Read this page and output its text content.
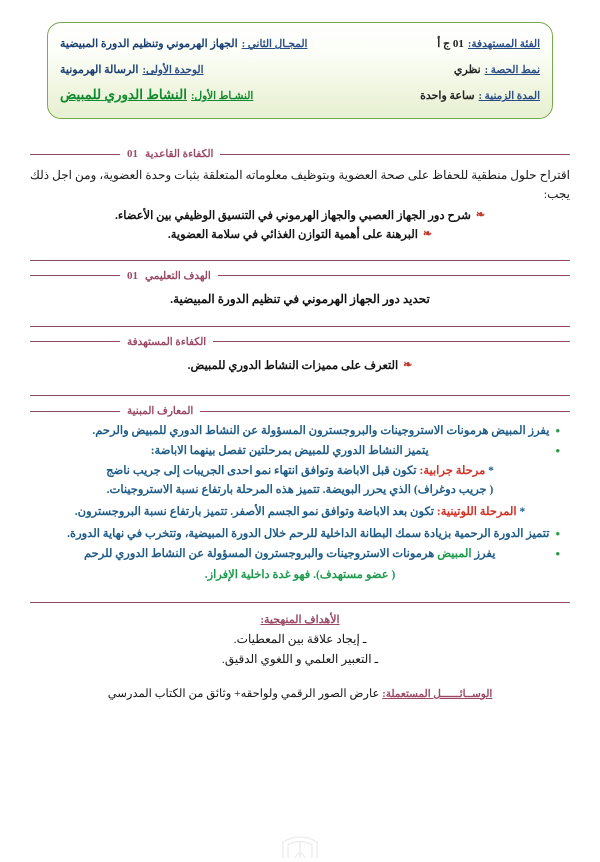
المجـال الثاني : الجهاز الهرموني وتنظيم الدورة المبيضية	الفئة المستهدفة: 01 ج أ
الوحدة الأولى: الرسالة الهرمونية	نمط الحصة : نظري
النشـاط الأول: النشاط الدوري للمبيض	المدة الزمنية : ساعة واحدة
الكفاءة القاعدية
01
اقتراح حلول منطقية للحفاظ على صحة العضوية وبتوظيف معلوماته المتعلقة بثبات وحدة العضوية، ومن اجل ذلك يجب:
❧
شرح دور الجهاز العصبي والجهاز الهرموني في التنسيق الوظيفي بين الأعضاء.
❧
البرهنة على أهمية التوازن الغذائي في سلامة العضوية.
الهدف التعليمي
01
تحديد دور الجهاز الهرموني في تنظيم الدورة المبيضية.
الكفاءة المستهدفة
❧
التعرف على مميزات النشاط الدوري للمبيض.
المعارف المبنية
•
يفرز المبيض هرمونات الاستروجينات والبروجسترون المسؤولة عن النشاط الدوري للمبيض والرحم.
•
يتميز النشاط الدوري للمبيض بمرحلتين تفصل بينهما الاباضة:
* مرحلة جرابية: تكون قبل الاباضة وتوافق انتهاء نمو احدى الجريبات إلى جريب ناضج
( جريب دوغراف) الذي يحرر البويضة. تتميز هذه المرحلة بارتفاع نسبة الاستروجينات.
* المرحلة اللوتينية: تكون بعد الاباضة وتوافق نمو الجسم الأصفر. تتميز بارتفاع نسبة البروجسترون.
•
تتميز الدورة الرحمية بزيادة سمك البطانة الداخلية للرحم خلال الدورة المبيضية، وتتخرب في نهاية الدورة.
•
يفرز المبيض هرمونات الاستروجينات والبروجسترون المسؤولة عن النشاط الدوري للرحم
( عضو مستهدف). فهو غدة داخلية الإفراز.
الأهداف المنهجية:
ـ إيجاد علاقة بين المعطيات.
ـ التعبير العلمي و اللغوي الدقيق.
الوســائــــــل المستعملة: عارض الصور الرقمي ولواحقه+ وثائق من الكتاب المدرسي
